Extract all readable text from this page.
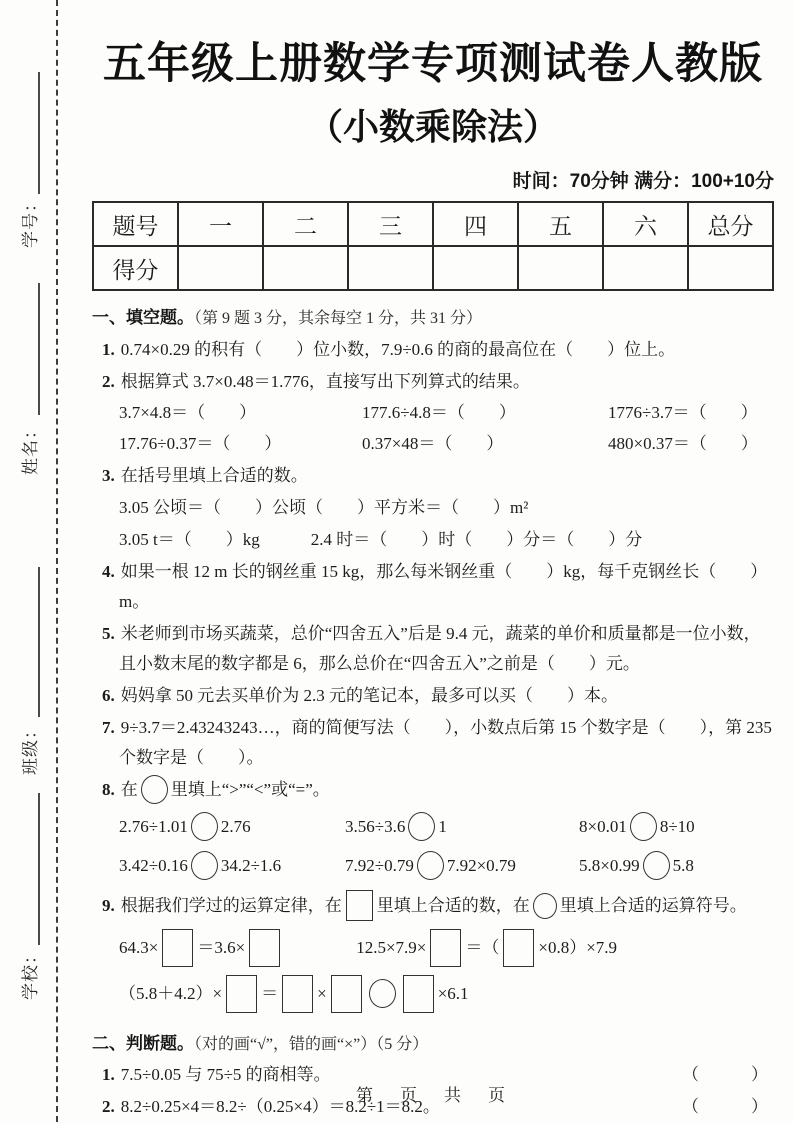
学号：
姓名：
班级：
学校：
五年级上册数学专项测试卷人教版
（小数乘除法）
时间：70分钟 满分：100+10分
题号	一	二	三	四	五	六	总分
得分							
一、填空题。（第 9 题 3 分，其余每空 1 分，共 31 分）
1. 0.74×0.29 的积有（　　）位小数，7.9÷0.6 的商的最高位在（　　）位上。
2. 根据算式 3.7×0.48＝1.776，直接写出下列算式的结果。
3.7×4.8＝（　　）	177.6÷4.8＝（　　）	1776÷3.7＝（　　）
17.76÷0.37＝（　　）	0.37×48＝（　　）	480×0.37＝（　　）
3. 在括号里填上合适的数。
3.05 公顷＝（　　）公顷（　　）平方米＝（　　）m²
3.05 t＝（　　）kg　　　2.4 时＝（　　）时（　　）分＝（　　）分
4. 如果一根 12 m 长的钢丝重 15 kg，那么每米钢丝重（　　）kg，每千克钢丝长（　　）m。
5. 米老师到市场买蔬菜，总价“四舍五入”后是 9.4 元，蔬菜的单价和质量都是一位小数，且小数末尾的数字都是 6，那么总价在“四舍五入”之前是（　　）元。
6. 妈妈拿 50 元去买单价为 2.3 元的笔记本，最多可以买（　　）本。
7. 9÷3.7＝2.43243243…，商的简便写法（　　），小数点后第 15 个数字是（　　），第 235 个数字是（　　）。
8. 在 里填上“>”“<”或“=”。
2.76÷1.01 2.76	3.56÷3.6 1	8×0.01 8÷10
3.42÷0.16 34.2÷1.6	7.92÷0.79 7.92×0.79	5.8×0.99 5.8
9. 根据我们学过的运算定律，在 里填上合适的数，在 里填上合适的运算符号。
64.3× ＝3.6×	12.5×7.9× ＝（ ×0.8）×7.9
（5.8＋4.2）× ＝ ×	×6.1
二、判断题。（对的画“√”，错的画“×”）（5 分）
1. 7.5÷0.05 与 75÷5 的商相等。	（　　）
2. 8.2÷0.25×4＝8.2÷（0.25×4）＝8.2÷1＝8.2。	（　　）
第　页　共　页
